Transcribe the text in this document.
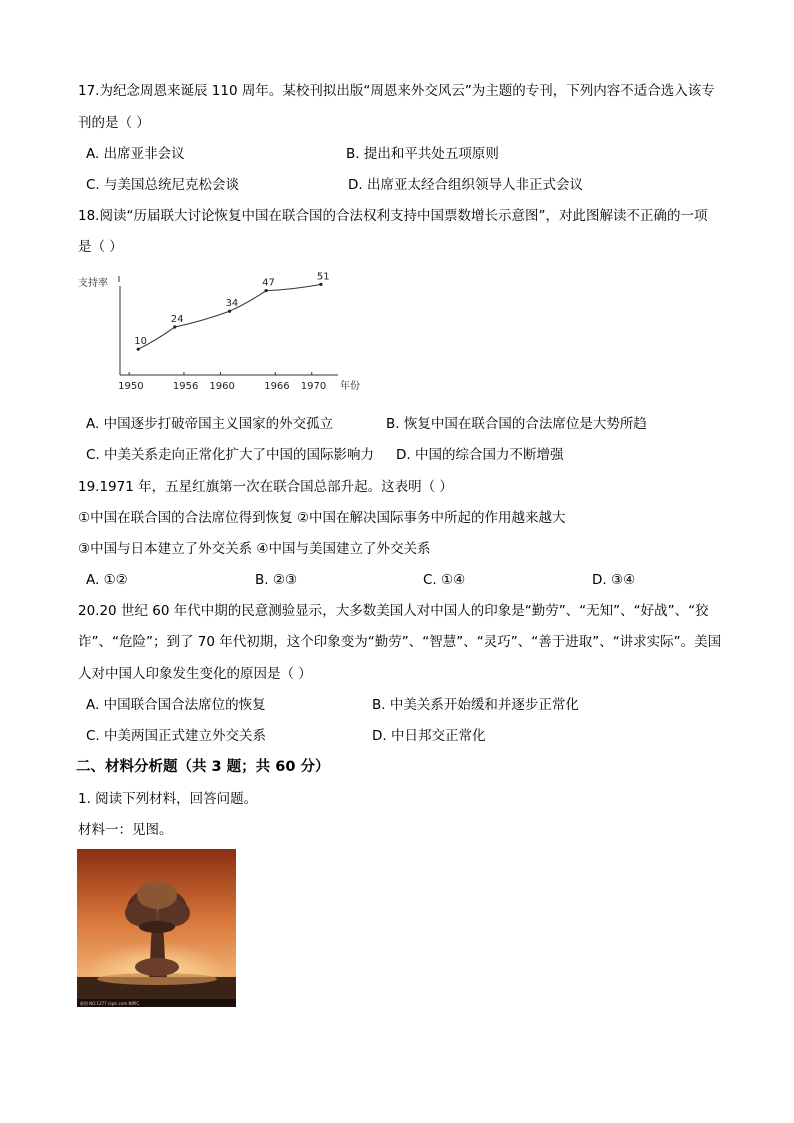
17.为纪念周恩来诞辰 110 周年。某校刊拟出版“周恩来外交风云”为主题的专刊，下列内容不适合选入该专
刊的是（ ）
A. 出席亚非会议	B. 提出和平共处五项原则
C. 与美国总统尼克松会谈	D. 出席亚太经合组织领导人非正式会议
18.阅读“历届联大讨论恢复中国在联合国的合法权利支持中国票数增长示意图”，对此图解读不正确的一项
是（ ）
支持率
1950	1956 1960	1966 1970
10
24
34
47
51
年份
A. 中国逐步打破帝国主义国家的外交孤立	B. 恢复中国在联合国的合法席位是大势所趋
C. 中美关系走向正常化扩大了中国的国际影响力 D. 中国的综合国力不断增强
19.1971 年，五星红旗第一次在联合国总部升起。这表明（ ）
①中国在联合国的合法席位得到恢复 ②中国在解决国际事务中所起的作用越来越大
③中国与日本建立了外交关系 ④中国与美国建立了外交关系
A. ①②	B. ②③	C. ①④	D. ③④
20.20 世纪 60 年代中期的民意测验显示，大多数美国人对中国人的印象是“勤劳”、“无知”、“好战”、“狡
诈”、“危险”；到了 70 年代初期，这个印象变为“勤劳”、“智慧”、“灵巧”、“善于进取”、“讲求实际”。美国
人对中国人印象发生变化的原因是（ ）
A. 中国联合国合法席位的恢复	B. 中美关系开始缓和并逐步正常化
C. 中美两国正式建立外交关系	D. 中日邦交正常化
二、材料分析题（共 3 题；共 60 分）
1. 阅读下列材料，回答问题。
材料一：见图。
昵图 NO.1277 nipic.com NIPIC
